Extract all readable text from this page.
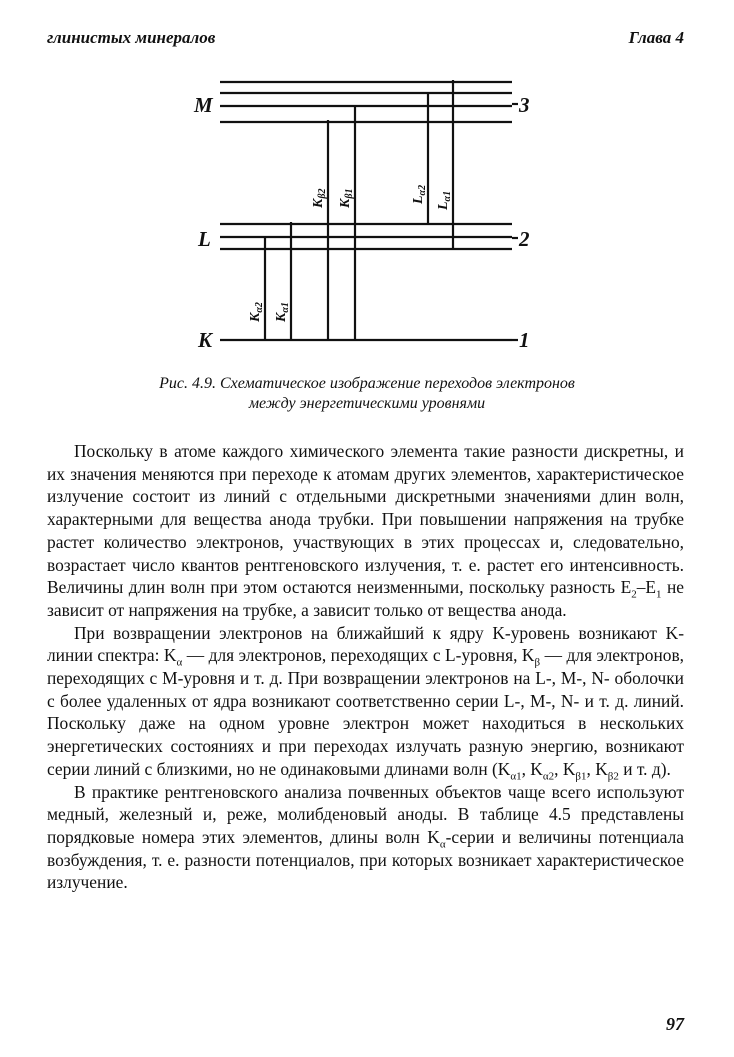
глинистых минералов	Глава 4
M
L
K
3
2
1
$K_{\beta 2}$
$K_{\beta 1}$
$L_{\alpha 2}$
$L_{\alpha 1}$
$K_{\alpha 2}$
$K_{\alpha 1}$
Рис. 4.9. Схематическое изображение переходов электронов
между энергетическими уровнями

Поскольку в атоме каждого химического элемента такие разности дискретны, и их значения меняются при переходе к атомам других элементов, характеристическое излучение состоит из линий с отдельными дискретными значениями длин волн, характерными для вещества анода трубки. При повышении напряжения на трубке растет количество электронов, участвующих в этих процессах и, следовательно, возрастает число квантов рентгеновского излучения, т. е. растет его интенсивность. Величины длин волн при этом остаются неизменными, поскольку разность $E_2-E_1$ не зависит от напряжения на трубке, а зависит только от вещества анода.

При возвращении электронов на ближайший к ядру K-уровень возникают K-линии спектра: $K_\alpha$ — для электронов, переходящих с L-уровня, $K_\beta$ — для электронов, переходящих с M-уровня и т. д. При возвращении электронов на L-, M-, N- оболочки с более удаленных от ядра возникают соответственно серии L-, M-, N- и т. д. линий. Поскольку даже на одном уровне электрон может находиться в нескольких энергетических состояниях и при переходах излучать разную энергию, возникают серии линий с близкими, но не одинаковыми длинами волн ($K_{\alpha 1}$, $K_{\alpha 2}$, $K_{\beta 1}$, $K_{\beta 2}$ и т. д).

В практике рентгеновского анализа почвенных объектов чаще всего используют медный, железный и, реже, молибденовый аноды. В таблице 4.5 представлены порядковые номера этих элементов, длины волн $K_\alpha$-серии и величины потенциала возбуждения, т. е. разности потенциалов, при которых возникает характеристическое излучение.

97
